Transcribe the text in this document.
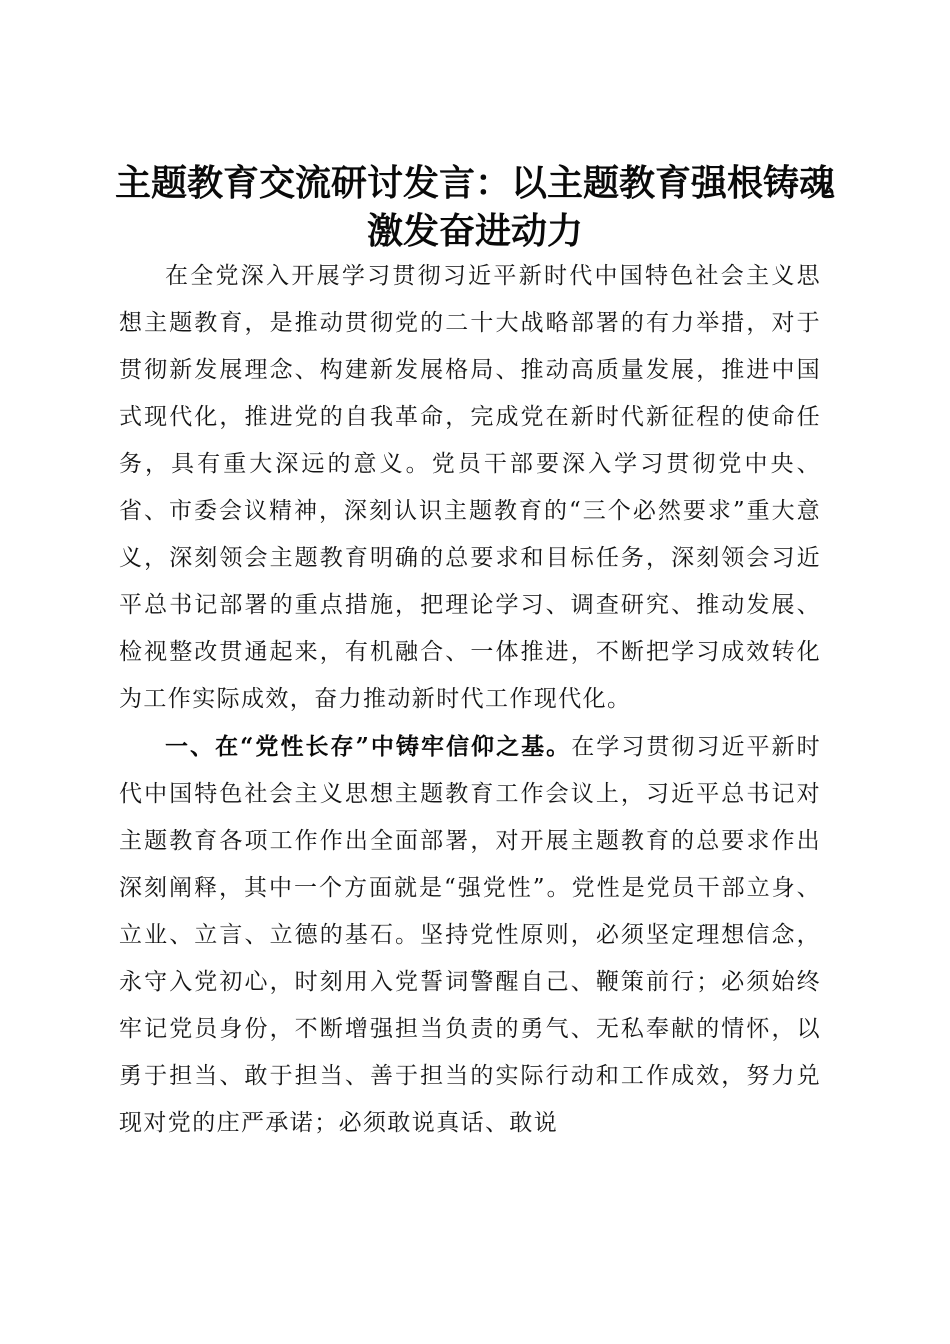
主题教育交流研讨发言：以主题教育强根铸魂
激发奋进动力

在全党深入开展学习贯彻习近平新时代中国特色社会主义思想主题教育，是推动贯彻党的二十大战略部署的有力举措，对于贯彻新发展理念、构建新发展格局、推动高质量发展，推进中国式现代化，推进党的自我革命，完成党在新时代新征程的使命任务，具有重大深远的意义。党员干部要深入学习贯彻党中央、省、市委会议精神，深刻认识主题教育的“三个必然要求”重大意义，深刻领会主题教育明确的总要求和目标任务，深刻领会习近平总书记部署的重点措施，把理论学习、调查研究、推动发展、检视整改贯通起来，有机融合、一体推进，不断把学习成效转化为工作实际成效，奋力推动新时代工作现代化。

一、在“党性长存”中铸牢信仰之基。在学习贯彻习近平新时代中国特色社会主义思想主题教育工作会议上，习近平总书记对主题教育各项工作作出全面部署，对开展主题教育的总要求作出深刻阐释，其中一个方面就是“强党性”。党性是党员干部立身、立业、立言、立德的基石。坚持党性原则，必须坚定理想信念，永守入党初心，时刻用入党誓词警醒自己、鞭策前行；必须始终牢记党员身份，不断增强担当负责的勇气、无私奉献的情怀，以勇于担当、敢于担当、善于担当的实际行动和工作成效，努力兑现对党的庄严承诺；必须敢说真话、敢说
